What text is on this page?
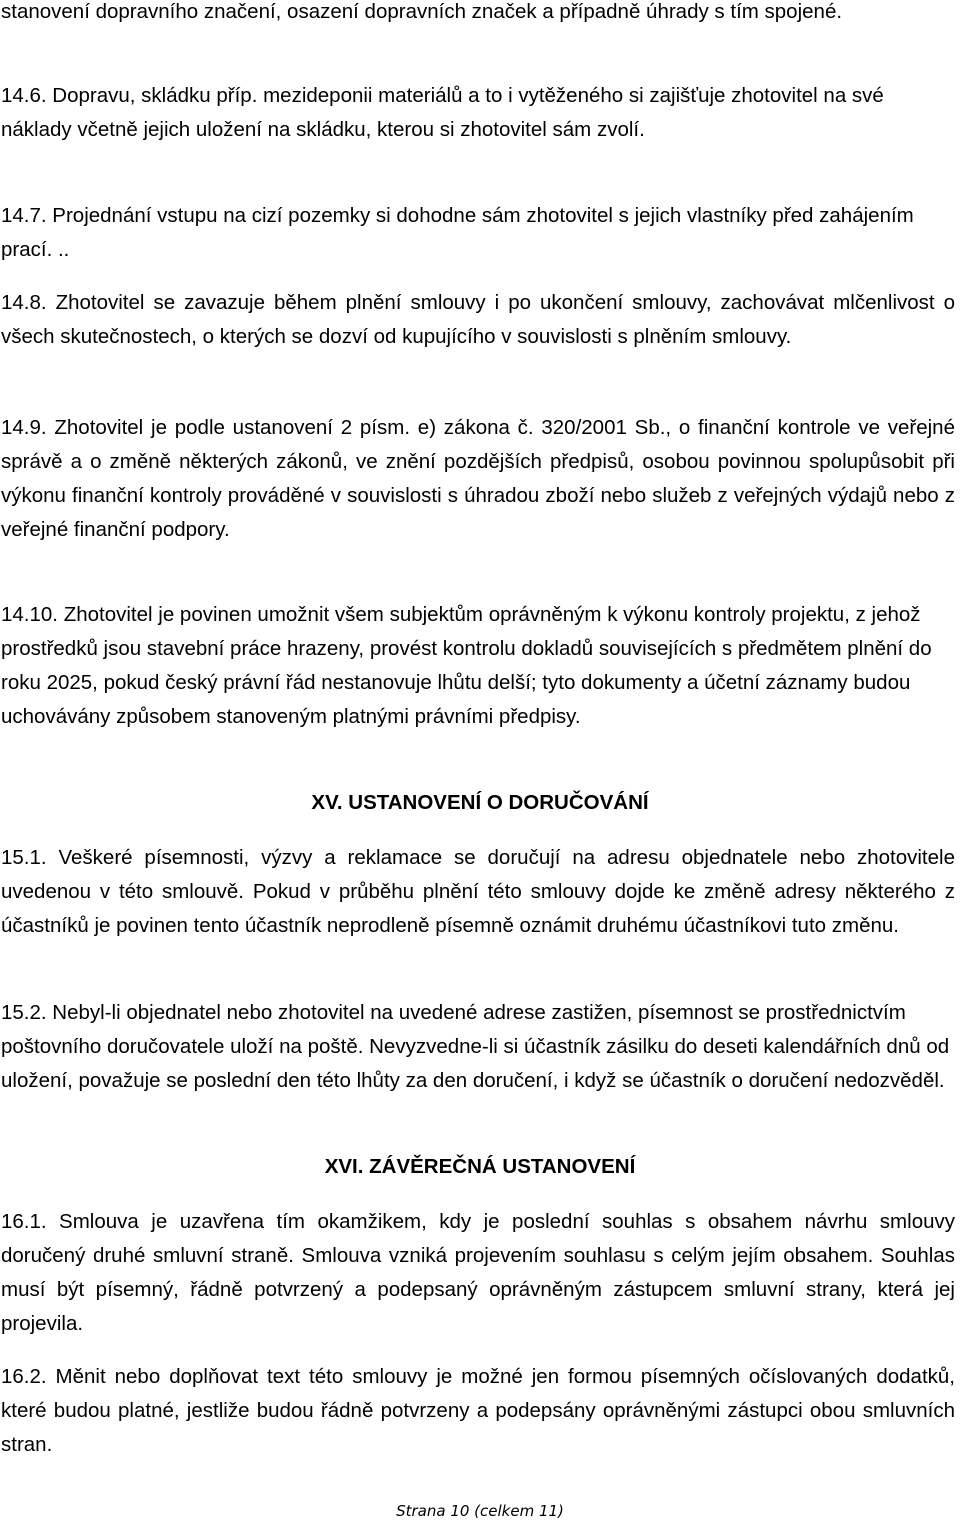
stanovení dopravního značení, osazení dopravních značek a případně úhrady s tím spojené.

14.6. Dopravu, skládku příp. mezideponii materiálů a to i vytěženého si zajišťuje zhotovitel na své náklady včetně jejich uložení na skládku, kterou si zhotovitel sám zvolí.

14.7. Projednání vstupu na cizí pozemky si dohodne sám zhotovitel s jejich vlastníky před zahájením prací. ..

14.8. Zhotovitel se zavazuje během plnění smlouvy i po ukončení smlouvy, zachovávat mlčenlivost o všech skutečnostech, o kterých se dozví od kupujícího v souvislosti s plněním smlouvy.

14.9. Zhotovitel je podle ustanovení 2 písm. e) zákona č. 320/2001 Sb., o finanční kontrole ve veřejné správě a o změně některých zákonů, ve znění pozdějších předpisů, osobou povinnou spolupůsobit při výkonu finanční kontroly prováděné v souvislosti s úhradou zboží nebo služeb z veřejných výdajů nebo z veřejné finanční podpory.

14.10. Zhotovitel je povinen umožnit všem subjektům oprávněným k výkonu kontroly projektu, z jehož prostředků jsou stavební práce hrazeny, provést kontrolu dokladů souvisejících s předmětem plnění do roku 2025, pokud český právní řád nestanovuje lhůtu delší; tyto dokumenty a účetní záznamy budou uchovávány způsobem stanoveným platnými právními předpisy.

XV. USTANOVENÍ O DORUČOVÁNÍ

15.1. Veškeré písemnosti, výzvy a reklamace se doručují na adresu objednatele nebo zhotovitele uvedenou v této smlouvě. Pokud v průběhu plnění této smlouvy dojde ke změně adresy některého z účastníků je povinen tento účastník neprodleně písemně oznámit druhému účastníkovi tuto změnu.

15.2. Nebyl-li objednatel nebo zhotovitel na uvedené adrese zastižen, písemnost se prostřednictvím poštovního doručovatele uloží na poště. Nevyzvedne-li si účastník zásilku do deseti kalendářních dnů od uložení, považuje se poslední den této lhůty za den doručení, i když se účastník o doručení nedozvěděl.

XVI. ZÁVĚREČNÁ USTANOVENÍ

16.1. Smlouva je uzavřena tím okamžikem, kdy je poslední souhlas s obsahem návrhu smlouvy doručený druhé smluvní straně. Smlouva vzniká projevením souhlasu s celým jejím obsahem. Souhlas musí být písemný, řádně potvrzený a podepsaný oprávněným zástupcem smluvní strany, která jej projevila.

16.2. Měnit nebo doplňovat text této smlouvy je možné jen formou písemných očíslovaných dodatků, které budou platné, jestliže budou řádně potvrzeny a podepsány oprávněnými zástupci obou smluvních stran.

Strana 10 (celkem 11)
